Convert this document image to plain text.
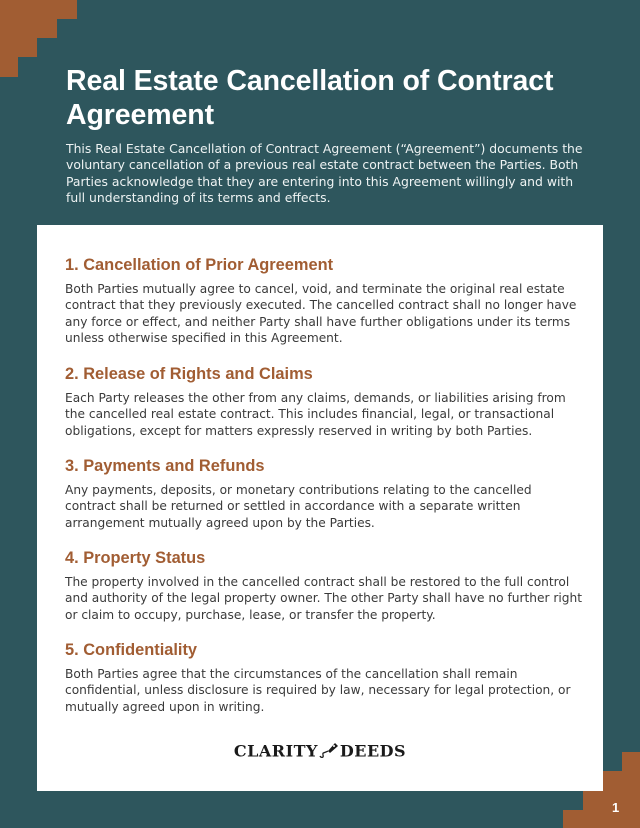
Real Estate Cancellation of Contract Agreement

This Real Estate Cancellation of Contract Agreement (“Agreement”) documents the voluntary cancellation of a previous real estate contract between the Parties. Both Parties acknowledge that they are entering into this Agreement willingly and with full understanding of its terms and effects.

1. Cancellation of Prior Agreement

Both Parties mutually agree to cancel, void, and terminate the original real estate contract that they previously executed. The cancelled contract shall no longer have any force or effect, and neither Party shall have further obligations under its terms unless otherwise specified in this Agreement.

2. Release of Rights and Claims

Each Party releases the other from any claims, demands, or liabilities arising from the cancelled real estate contract. This includes financial, legal, or transactional obligations, except for matters expressly reserved in writing by both Parties.

3. Payments and Refunds

Any payments, deposits, or monetary contributions relating to the cancelled contract shall be returned or settled in accordance with a separate written arrangement mutually agreed upon by the Parties.

4. Property Status

The property involved in the cancelled contract shall be restored to the full control and authority of the legal property owner. The other Party shall have no further right or claim to occupy, purchase, lease, or transfer the property.

5. Confidentiality

Both Parties agree that the circumstances of the cancellation shall remain confidential, unless disclosure is required by law, necessary for legal protection, or mutually agreed upon in writing.

CLARITY DEEDS
1
